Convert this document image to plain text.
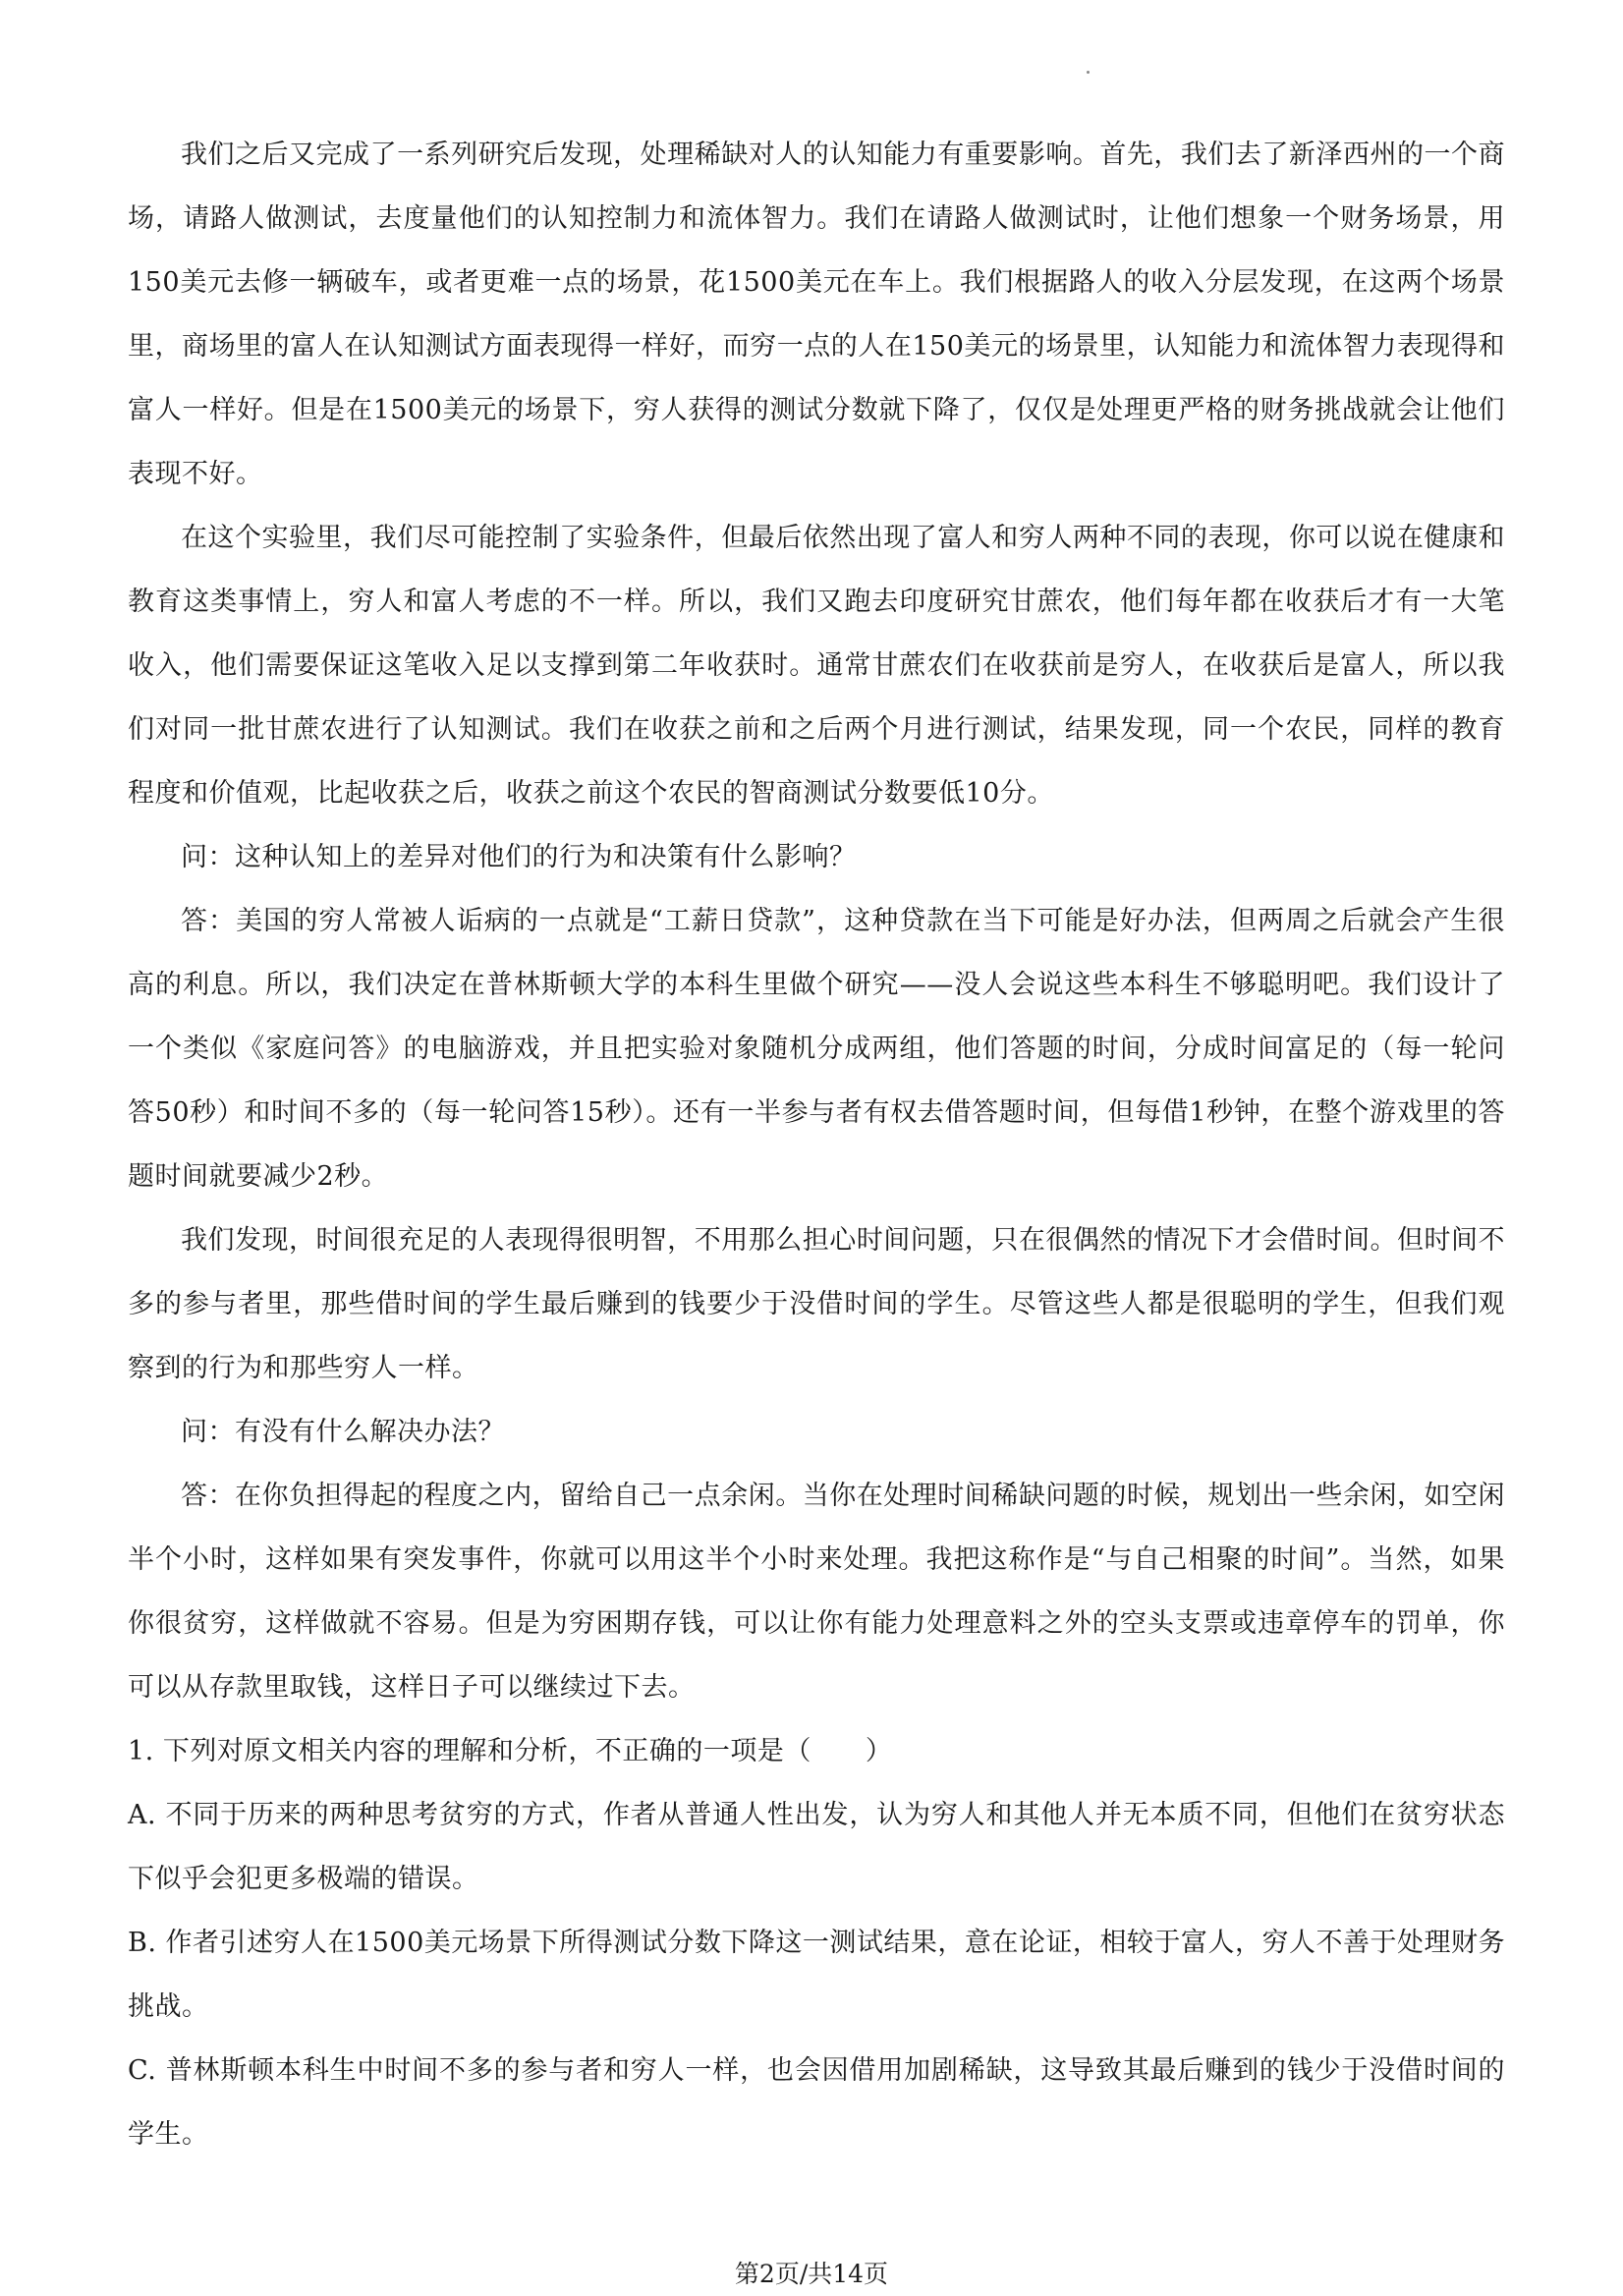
我们之后又完成了一系列研究后发现，处理稀缺对人的认知能力有重要影响。首先，我们去了新泽西州的一个商场，请路人做测试，去度量他们的认知控制力和流体智力。我们在请路人做测试时，让他们想象一个财务场景，用150美元去修一辆破车，或者更难一点的场景，花1500美元在车上。我们根据路人的收入分层发现，在这两个场景里，商场里的富人在认知测试方面表现得一样好，而穷一点的人在150美元的场景里，认知能力和流体智力表现得和富人一样好。但是在1500美元的场景下，穷人获得的测试分数就下降了，仅仅是处理更严格的财务挑战就会让他们表现不好。

在这个实验里，我们尽可能控制了实验条件，但最后依然出现了富人和穷人两种不同的表现，你可以说在健康和教育这类事情上，穷人和富人考虑的不一样。所以，我们又跑去印度研究甘蔗农，他们每年都在收获后才有一大笔收入，他们需要保证这笔收入足以支撑到第二年收获时。通常甘蔗农们在收获前是穷人，在收获后是富人，所以我们对同一批甘蔗农进行了认知测试。我们在收获之前和之后两个月进行测试，结果发现，同一个农民，同样的教育程度和价值观，比起收获之后，收获之前这个农民的智商测试分数要低10分。

问：这种认知上的差异对他们的行为和决策有什么影响？

答：美国的穷人常被人诟病的一点就是“工薪日贷款”，这种贷款在当下可能是好办法，但两周之后就会产生很高的利息。所以，我们决定在普林斯顿大学的本科生里做个研究——没人会说这些本科生不够聪明吧。我们设计了一个类似《家庭问答》的电脑游戏，并且把实验对象随机分成两组，他们答题的时间，分成时间富足的（每一轮问答50秒）和时间不多的（每一轮问答15秒）。还有一半参与者有权去借答题时间，但每借1秒钟，在整个游戏里的答题时间就要减少2秒。

我们发现，时间很充足的人表现得很明智，不用那么担心时间问题，只在很偶然的情况下才会借时间。但时间不多的参与者里，那些借时间的学生最后赚到的钱要少于没借时间的学生。尽管这些人都是很聪明的学生，但我们观察到的行为和那些穷人一样。

问：有没有什么解决办法？

答：在你负担得起的程度之内，留给自己一点余闲。当你在处理时间稀缺问题的时候，规划出一些余闲，如空闲半个小时，这样如果有突发事件，你就可以用这半个小时来处理。我把这称作是“与自己相聚的时间”。当然，如果你很贫穷，这样做就不容易。但是为穷困期存钱，可以让你有能力处理意料之外的空头支票或违章停车的罚单，你可以从存款里取钱，这样日子可以继续过下去。

1. 下列对原文相关内容的理解和分析，不正确的一项是（　　）

A. 不同于历来的两种思考贫穷的方式，作者从普通人性出发，认为穷人和其他人并无本质不同，但他们在贫穷状态下似乎会犯更多极端的错误。

B. 作者引述穷人在1500美元场景下所得测试分数下降这一测试结果，意在论证，相较于富人，穷人不善于处理财务挑战。

C. 普林斯顿本科生中时间不多的参与者和穷人一样，也会因借用加剧稀缺，这导致其最后赚到的钱少于没借时间的学生。

第2页/共14页
